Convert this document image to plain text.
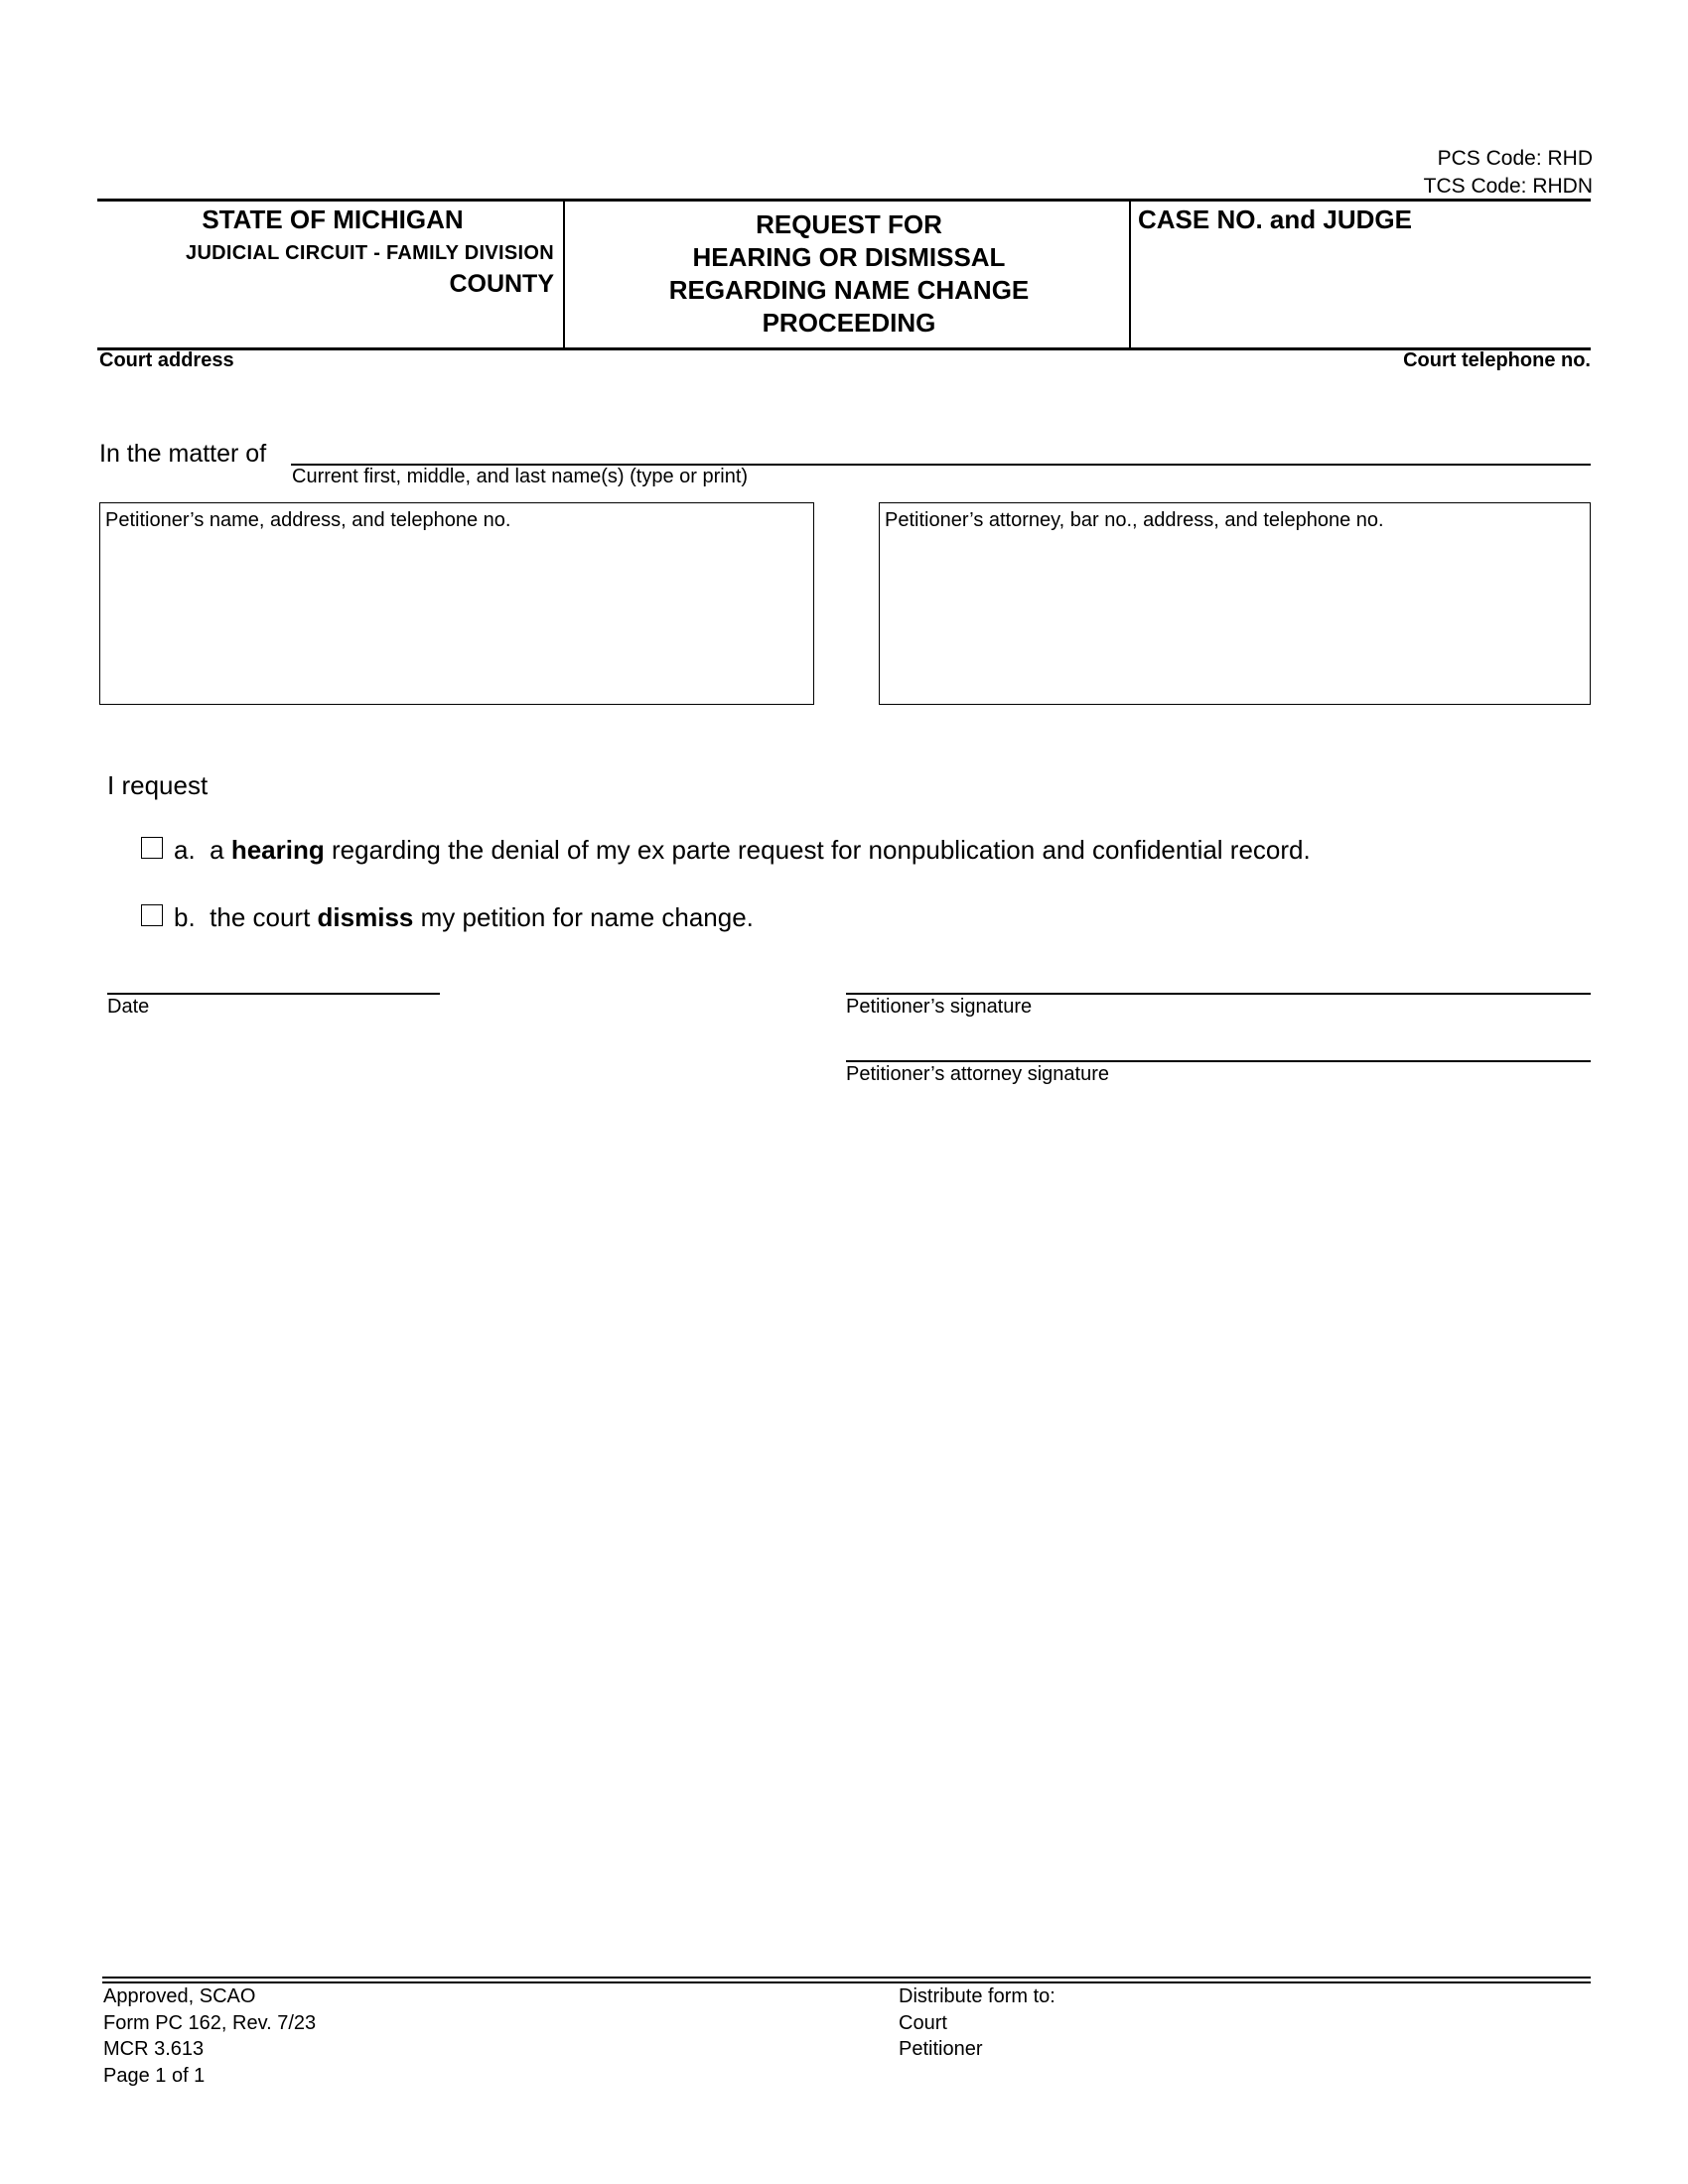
PCS Code: RHD
TCS Code: RHDN
STATE OF MICHIGAN
JUDICIAL CIRCUIT - FAMILY DIVISION
COUNTY
REQUEST FOR
HEARING OR DISMISSAL
REGARDING NAME CHANGE
PROCEEDING
CASE NO. and JUDGE
Court address	Court telephone no.
In the matter of
Current first, middle, and last name(s) (type or print)
Petitioner’s name, address, and telephone no.	Petitioner’s attorney, bar no., address, and telephone no.
I request
a. a hearing regarding the denial of my ex parte request for nonpublication and confidential record.
b. the court dismiss my petition for name change.
Date	Petitioner’s signature
Petitioner’s attorney signature
Approved, SCAO
Form PC 162, Rev. 7/23
MCR 3.613
Page 1 of 1
Distribute form to:
Court
Petitioner
